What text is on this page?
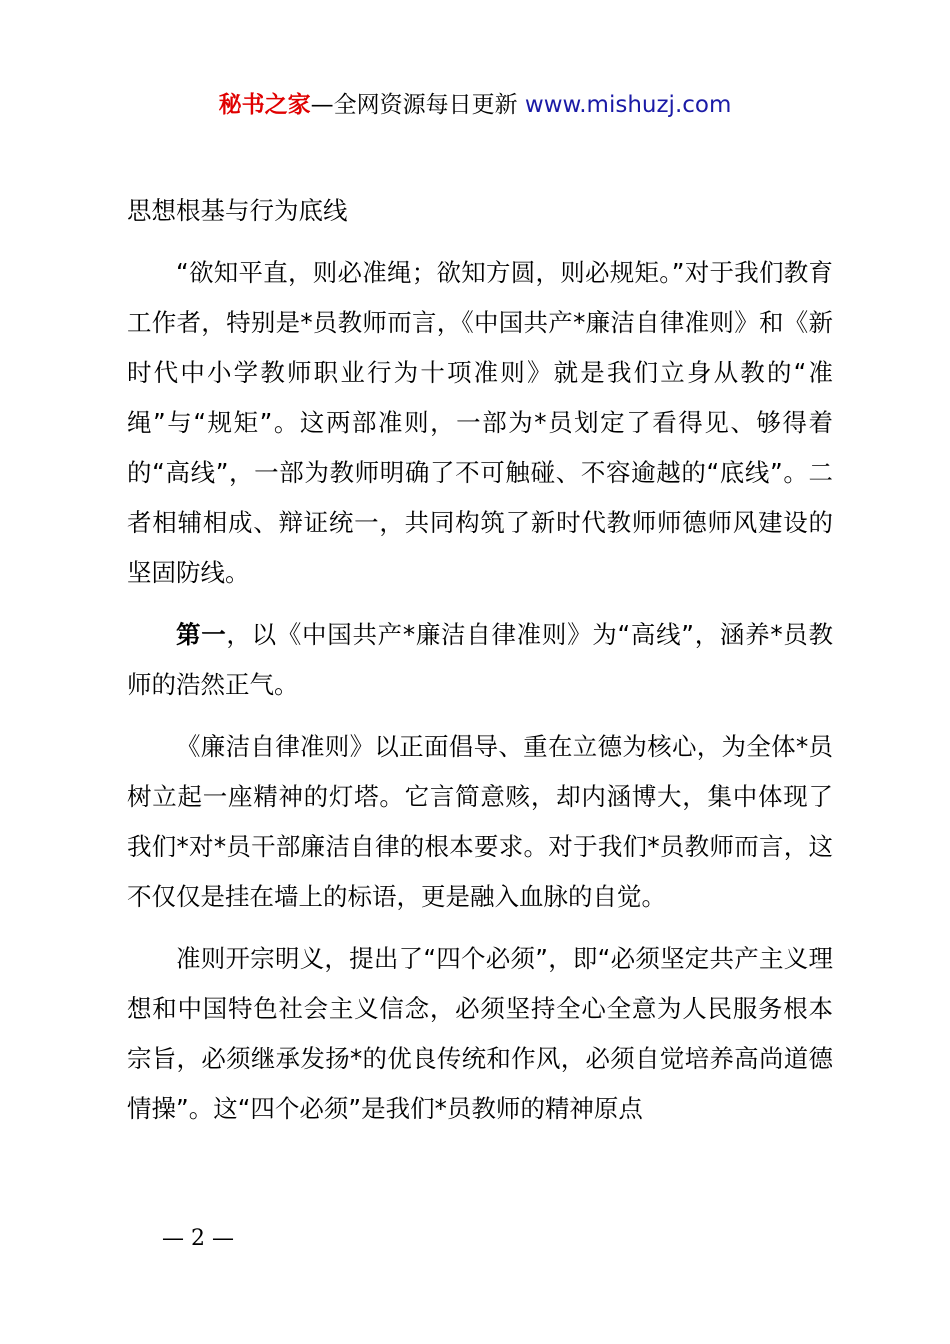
秘书之家—全网资源每日更新 www.mishuzj.com

思想根基与行为底线

“欲知平直，则必准绳；欲知方圆，则必规矩。”对于我们教育工作者，特别是*员教师而言，《中国共产*廉洁自律准则》和《新时代中小学教师职业行为十项准则》就是我们立身从教的“准绳”与“规矩”。这两部准则，一部为*员划定了看得见、够得着的“高线”，一部为教师明确了不可触碰、不容逾越的“底线”。二者相辅相成、辩证统一，共同构筑了新时代教师师德师风建设的坚固防线。

第一，以《中国共产*廉洁自律准则》为“高线”，涵养*员教师的浩然正气。

《廉洁自律准则》以正面倡导、重在立德为核心，为全体*员树立起一座精神的灯塔。它言简意赅，却内涵博大，集中体现了我们*对*员干部廉洁自律的根本要求。对于我们*员教师而言，这不仅仅是挂在墙上的标语，更是融入血脉的自觉。

准则开宗明义，提出了“四个必须”，即“必须坚定共产主义理想和中国特色社会主义信念，必须坚持全心全意为人民服务根本宗旨，必须继承发扬*的优良传统和作风，必须自觉培养高尚道德情操”。这“四个必须”是我们*员教师的精神原点

— 2 —
